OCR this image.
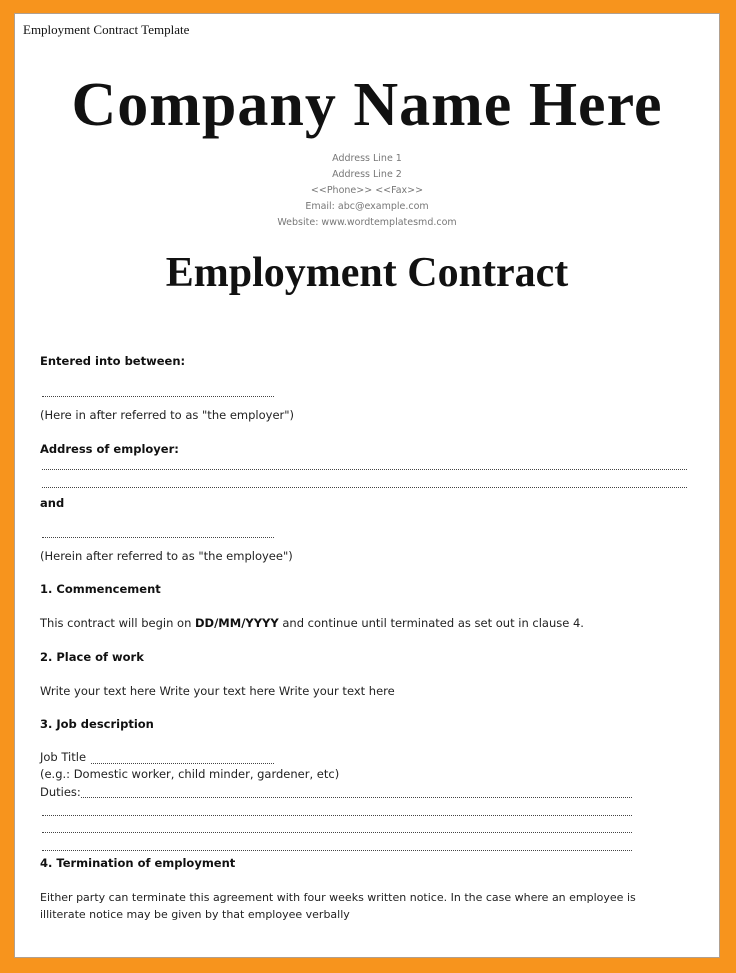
Employment Contract Template
Company Name Here
Address Line 1
Address Line 2
<<Phone>> <<Fax>>
Email: abc@example.com
Website: www.wordtemplatesmd.com
Employment Contract
Entered into between:
(Here in after referred to as "the employer")
Address of employer:
and
(Herein after referred to as "the employee")
1. Commencement
This contract will begin on DD/MM/YYYY and continue until terminated as set out in clause 4.
2. Place of work
Write your text here Write your text here Write your text here
3. Job description
Job Title
(e.g.: Domestic worker, child minder, gardener, etc)
Duties:
4. Termination of employment
Either party can terminate this agreement with four weeks written notice. In the case where an employee is
illiterate notice may be given by that employee verbally
